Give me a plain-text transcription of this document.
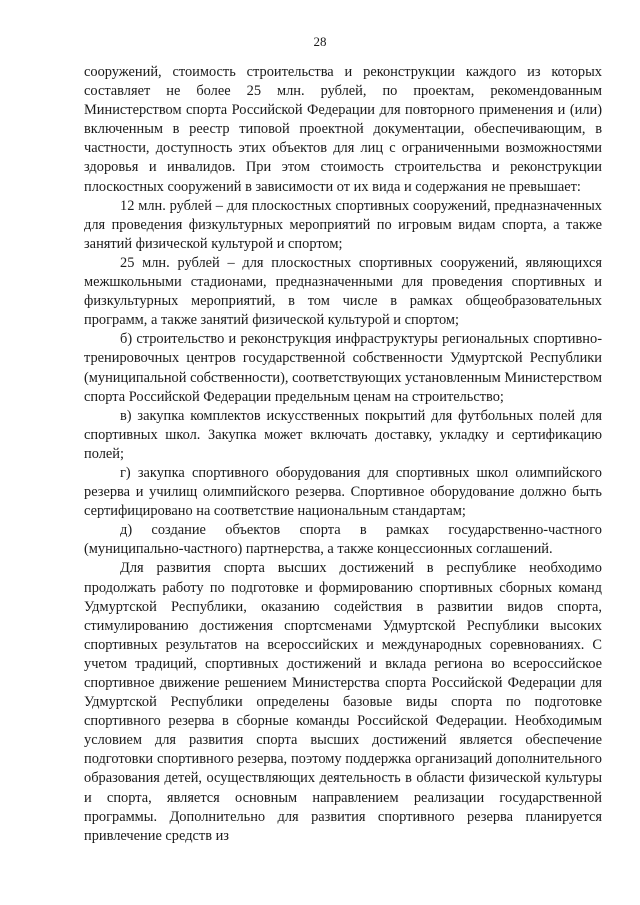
28

сооружений, стоимость строительства и реконструкции каждого из которых составляет не более 25 млн. рублей, по проектам, рекомендованным Министерством спорта Российской Федерации для повторного применения и (или) включенным в реестр типовой проектной документации, обеспечивающим, в частности, доступность этих объектов для лиц с ограниченными возможностями здоровья и инвалидов. При этом стоимость строительства и реконструкции плоскостных сооружений в зависимости от их вида и содержания не превышает:

12 млн. рублей – для плоскостных спортивных сооружений, предназначенных для проведения физкультурных мероприятий по игровым видам спорта, а также занятий физической культурой и спортом;

25 млн. рублей – для плоскостных спортивных сооружений, являющихся межшкольными стадионами, предназначенными для проведения спортивных и физкультурных мероприятий, в том числе в рамках общеобразовательных программ, а также занятий физической культурой и спортом;

б) строительство и реконструкция инфраструктуры региональных спортивно-тренировочных центров государственной собственности Удмуртской Республики (муниципальной собственности), соответствующих установленным Министерством спорта Российской Федерации предельным ценам на строительство;

в) закупка комплектов искусственных покрытий для футбольных полей для спортивных школ. Закупка может включать доставку, укладку и сертификацию полей;

г) закупка спортивного оборудования для спортивных школ олимпийского резерва и училищ олимпийского резерва. Спортивное оборудование должно быть сертифицировано на соответствие национальным стандартам;

д) создание объектов спорта в рамках государственно-частного (муниципально-частного) партнерства, а также концессионных соглашений.

Для развития спорта высших достижений в республике необходимо продолжать работу по подготовке и формированию спортивных сборных команд Удмуртской Республики, оказанию содействия в развитии видов спорта, стимулированию достижения спортсменами Удмуртской Республики высоких спортивных результатов на всероссийских и международных соревнованиях. С учетом традиций, спортивных достижений и вклада региона во всероссийское спортивное движение решением Министерства спорта Российской Федерации для Удмуртской Республики определены базовые виды спорта по подготовке спортивного резерва в сборные команды Российской Федерации. Необходимым условием для развития спорта высших достижений является обеспечение подготовки спортивного резерва, поэтому поддержка организаций дополнительного образования детей, осуществляющих деятельность в области физической культуры и спорта, является основным направлением реализации государственной программы. Дополнительно для развития спортивного резерва планируется привлечение средств из
